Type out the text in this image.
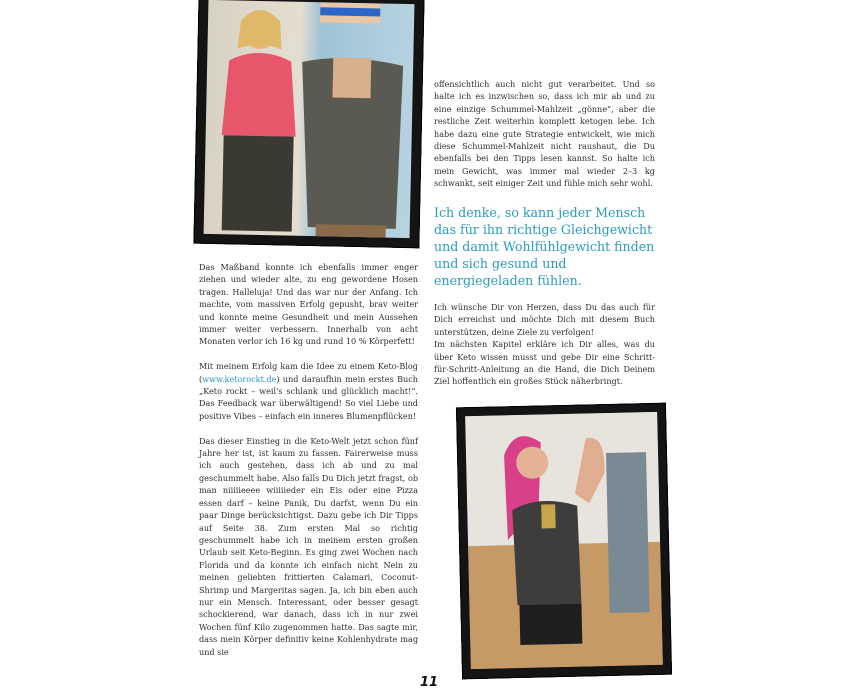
Das Maßband konnte ich ebenfalls immer enger ziehen und wieder alte, zu eng gewordene Hosen tragen. Halleluja! Und das war nur der Anfang. Ich machte, vom massiven Erfolg gepusht, brav weiter und konnte meine Gesundheit und mein Aussehen immer weiter verbessern. Innerhalb von acht Monaten verlor ich 16 kg und rund 10 % Körperfett!

Mit meinem Erfolg kam die Idee zu einem Keto-Blog (www.ketorockt.de) und daraufhin mein erstes Buch „Keto rockt – weil's schlank und glücklich macht!“. Das Feedback war überwältigend! So viel Liebe und positive Vibes – einfach ein inneres Blumenpflücken!

Das dieser Einstieg in die Keto-Welt jetzt schon fünf Jahre her ist, ist kaum zu fassen. Fairerweise muss ich auch gestehen, dass ich ab und zu mal geschummelt habe. Also falls Du Dich jetzt fragst, ob man niiiiieeee wiiiiieder ein Eis oder eine Pizza essen darf – keine Panik, Du darfst, wenn Du ein paar Dinge berücksichtigst. Dazu gebe ich Dir Tipps auf Seite 38. Zum ersten Mal so richtig geschummelt habe ich in meinem ersten großen Urlaub seit Keto-Beginn. Es ging zwei Wochen nach Florida und da konnte ich einfach nicht Nein zu meinen geliebten frittierten Calamari, Coconut-Shrimp und Margeritas sagen. Ja, ich bin eben auch nur ein Mensch. Interessant, oder besser gesagt schockierend, war danach, dass ich in nur zwei Wochen fünf Kilo zugenommen hatte. Das sagte mir, dass mein Körper definitiv keine Kohlenhydrate mag und sie

offensichtlich auch nicht gut verarbeitet. Und so halte ich es inzwischen so, dass ich mir ab und zu eine einzige Schummel-Mahlzeit „gönne“, aber die restliche Zeit weiterhin komplett ketogen lebe. Ich habe dazu eine gute Strategie entwickelt, wie mich diese Schummel-Mahlzeit nicht raushaut, die Du ebenfalls bei den Tipps lesen kannst. So halte ich mein Gewicht, was immer mal wieder 2–3 kg schwankt, seit einiger Zeit und fühle mich sehr wohl.

Ich denke, so kann jeder Mensch das für ihn richtige Gleichgewicht und damit Wohlfühlgewicht finden und sich gesund und energiegeladen fühlen.

Ich wünsche Dir von Herzen, dass Du das auch für Dich erreichst und möchte Dich mit diesem Buch unterstützen, deine Ziele zu verfolgen!

Im nächsten Kapitel erkläre ich Dir alles, was du über Keto wissen musst und gebe Dir eine Schritt-für-Schritt-Anleitung an die Hand, die Dich Deinem Ziel hoffentlich ein großes Stück näherbringt.

11
